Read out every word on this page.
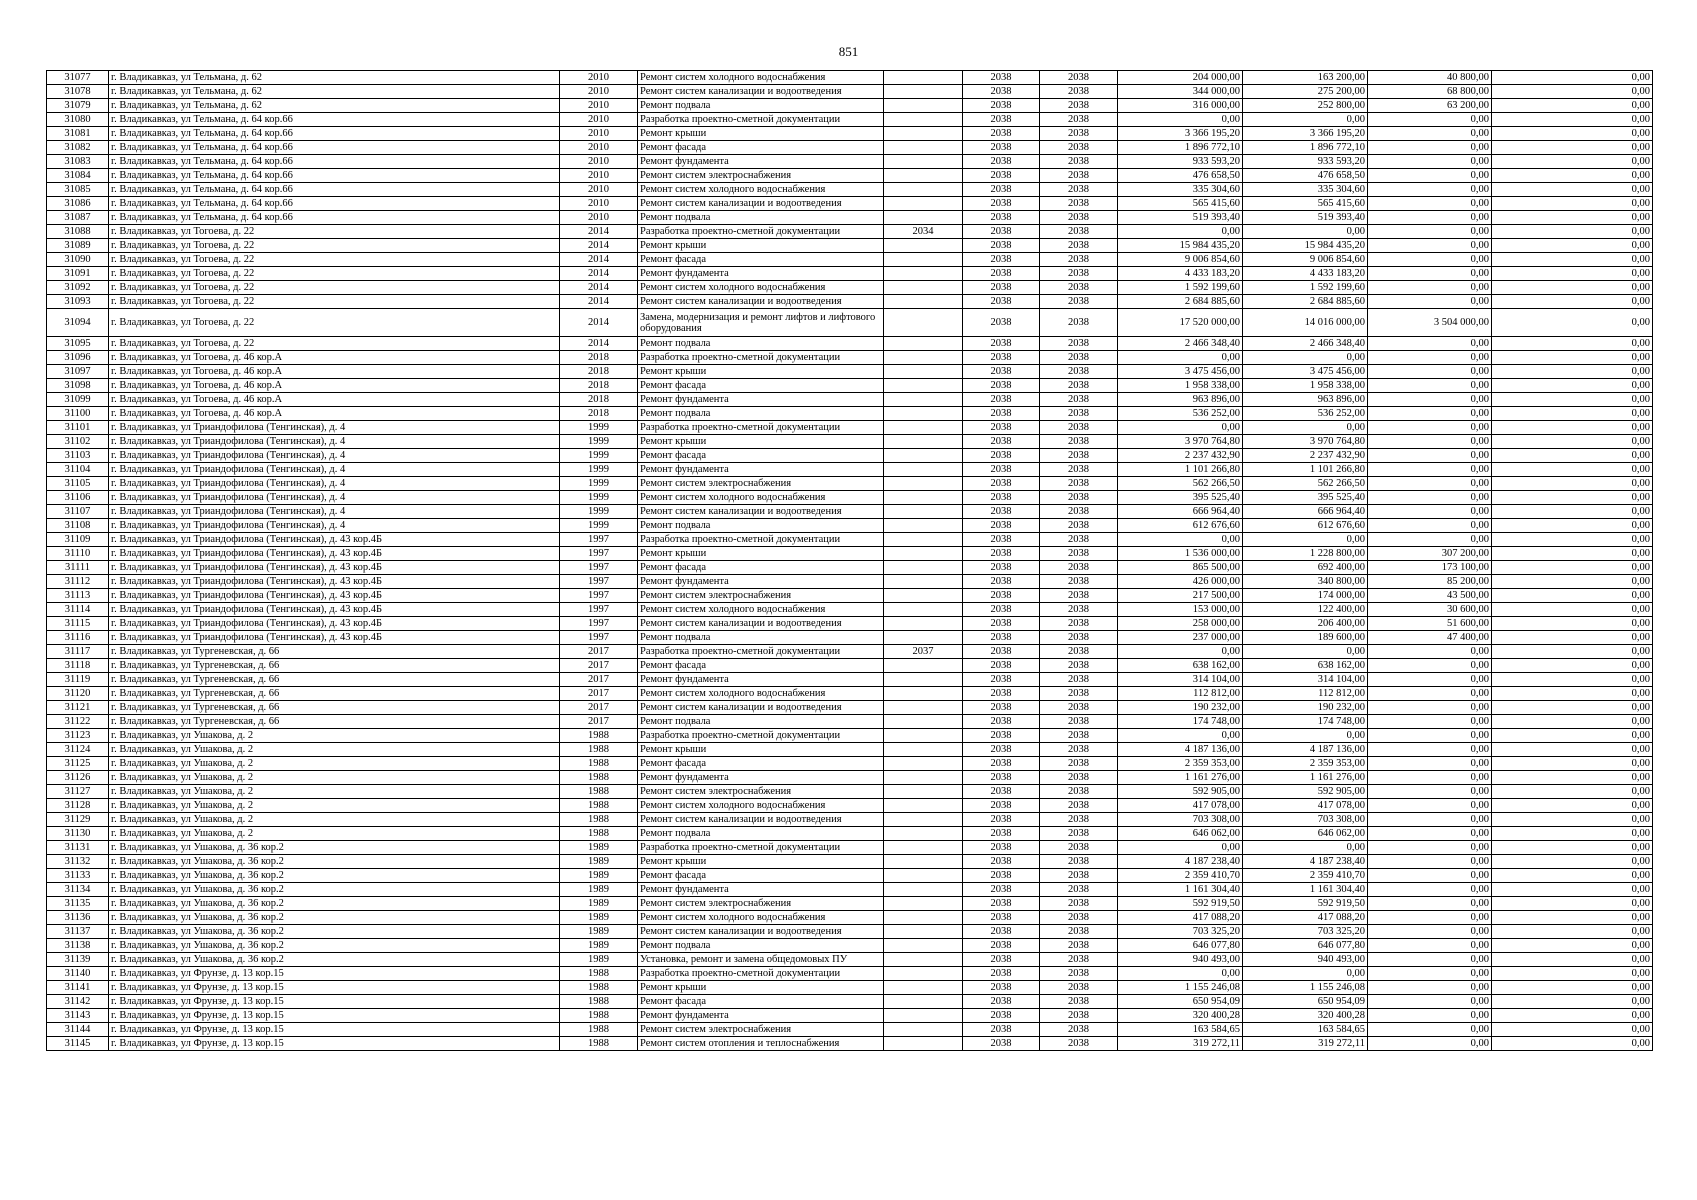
851
31077	г. Владикавказ, ул Тельмана, д. 62	2010	Ремонт систем холодного водоснабжения		2038	2038	204 000,00	163 200,00	40 800,00	0,00
31078	г. Владикавказ, ул Тельмана, д. 62	2010	Ремонт систем канализации и водоотведения		2038	2038	344 000,00	275 200,00	68 800,00	0,00
31079	г. Владикавказ, ул Тельмана, д. 62	2010	Ремонт подвала		2038	2038	316 000,00	252 800,00	63 200,00	0,00
31080	г. Владикавказ, ул Тельмана, д. 64 кор.66	2010	Разработка проектно-сметной документации		2038	2038	0,00	0,00	0,00	0,00
31081	г. Владикавказ, ул Тельмана, д. 64 кор.66	2010	Ремонт крыши		2038	2038	3 366 195,20	3 366 195,20	0,00	0,00
31082	г. Владикавказ, ул Тельмана, д. 64 кор.66	2010	Ремонт фасада		2038	2038	1 896 772,10	1 896 772,10	0,00	0,00
31083	г. Владикавказ, ул Тельмана, д. 64 кор.66	2010	Ремонт фундамента		2038	2038	933 593,20	933 593,20	0,00	0,00
31084	г. Владикавказ, ул Тельмана, д. 64 кор.66	2010	Ремонт систем электроснабжения		2038	2038	476 658,50	476 658,50	0,00	0,00
31085	г. Владикавказ, ул Тельмана, д. 64 кор.66	2010	Ремонт систем холодного водоснабжения		2038	2038	335 304,60	335 304,60	0,00	0,00
31086	г. Владикавказ, ул Тельмана, д. 64 кор.66	2010	Ремонт систем канализации и водоотведения		2038	2038	565 415,60	565 415,60	0,00	0,00
31087	г. Владикавказ, ул Тельмана, д. 64 кор.66	2010	Ремонт подвала		2038	2038	519 393,40	519 393,40	0,00	0,00
31088	г. Владикавказ, ул Тогоева, д. 22	2014	Разработка проектно-сметной документации	2034	2038	2038	0,00	0,00	0,00	0,00
31089	г. Владикавказ, ул Тогоева, д. 22	2014	Ремонт крыши		2038	2038	15 984 435,20	15 984 435,20	0,00	0,00
31090	г. Владикавказ, ул Тогоева, д. 22	2014	Ремонт фасада		2038	2038	9 006 854,60	9 006 854,60	0,00	0,00
31091	г. Владикавказ, ул Тогоева, д. 22	2014	Ремонт фундамента		2038	2038	4 433 183,20	4 433 183,20	0,00	0,00
31092	г. Владикавказ, ул Тогоева, д. 22	2014	Ремонт систем холодного водоснабжения		2038	2038	1 592 199,60	1 592 199,60	0,00	0,00
31093	г. Владикавказ, ул Тогоева, д. 22	2014	Ремонт систем канализации и водоотведения		2038	2038	2 684 885,60	2 684 885,60	0,00	0,00
31094	г. Владикавказ, ул Тогоева, д. 22	2014	Замена, модернизация и ремонт лифтов и лифтового оборудования		2038	2038	17 520 000,00	14 016 000,00	3 504 000,00	0,00
31095	г. Владикавказ, ул Тогоева, д. 22	2014	Ремонт подвала		2038	2038	2 466 348,40	2 466 348,40	0,00	0,00
31096	г. Владикавказ, ул Тогоева, д. 46 кор.А	2018	Разработка проектно-сметной документации		2038	2038	0,00	0,00	0,00	0,00
31097	г. Владикавказ, ул Тогоева, д. 46 кор.А	2018	Ремонт крыши		2038	2038	3 475 456,00	3 475 456,00	0,00	0,00
31098	г. Владикавказ, ул Тогоева, д. 46 кор.А	2018	Ремонт фасада		2038	2038	1 958 338,00	1 958 338,00	0,00	0,00
31099	г. Владикавказ, ул Тогоева, д. 46 кор.А	2018	Ремонт фундамента		2038	2038	963 896,00	963 896,00	0,00	0,00
31100	г. Владикавказ, ул Тогоева, д. 46 кор.А	2018	Ремонт подвала		2038	2038	536 252,00	536 252,00	0,00	0,00
31101	г. Владикавказ, ул Триандофилова (Тенгинская), д. 4	1999	Разработка проектно-сметной документации		2038	2038	0,00	0,00	0,00	0,00
31102	г. Владикавказ, ул Триандофилова (Тенгинская), д. 4	1999	Ремонт крыши		2038	2038	3 970 764,80	3 970 764,80	0,00	0,00
31103	г. Владикавказ, ул Триандофилова (Тенгинская), д. 4	1999	Ремонт фасада		2038	2038	2 237 432,90	2 237 432,90	0,00	0,00
31104	г. Владикавказ, ул Триандофилова (Тенгинская), д. 4	1999	Ремонт фундамента		2038	2038	1 101 266,80	1 101 266,80	0,00	0,00
31105	г. Владикавказ, ул Триандофилова (Тенгинская), д. 4	1999	Ремонт систем электроснабжения		2038	2038	562 266,50	562 266,50	0,00	0,00
31106	г. Владикавказ, ул Триандофилова (Тенгинская), д. 4	1999	Ремонт систем холодного водоснабжения		2038	2038	395 525,40	395 525,40	0,00	0,00
31107	г. Владикавказ, ул Триандофилова (Тенгинская), д. 4	1999	Ремонт систем канализации и водоотведения		2038	2038	666 964,40	666 964,40	0,00	0,00
31108	г. Владикавказ, ул Триандофилова (Тенгинская), д. 4	1999	Ремонт подвала		2038	2038	612 676,60	612 676,60	0,00	0,00
31109	г. Владикавказ, ул Триандофилова (Тенгинская), д. 43 кор.4Б	1997	Разработка проектно-сметной документации		2038	2038	0,00	0,00	0,00	0,00
31110	г. Владикавказ, ул Триандофилова (Тенгинская), д. 43 кор.4Б	1997	Ремонт крыши		2038	2038	1 536 000,00	1 228 800,00	307 200,00	0,00
31111	г. Владикавказ, ул Триандофилова (Тенгинская), д. 43 кор.4Б	1997	Ремонт фасада		2038	2038	865 500,00	692 400,00	173 100,00	0,00
31112	г. Владикавказ, ул Триандофилова (Тенгинская), д. 43 кор.4Б	1997	Ремонт фундамента		2038	2038	426 000,00	340 800,00	85 200,00	0,00
31113	г. Владикавказ, ул Триандофилова (Тенгинская), д. 43 кор.4Б	1997	Ремонт систем электроснабжения		2038	2038	217 500,00	174 000,00	43 500,00	0,00
31114	г. Владикавказ, ул Триандофилова (Тенгинская), д. 43 кор.4Б	1997	Ремонт систем холодного водоснабжения		2038	2038	153 000,00	122 400,00	30 600,00	0,00
31115	г. Владикавказ, ул Триандофилова (Тенгинская), д. 43 кор.4Б	1997	Ремонт систем канализации и водоотведения		2038	2038	258 000,00	206 400,00	51 600,00	0,00
31116	г. Владикавказ, ул Триандофилова (Тенгинская), д. 43 кор.4Б	1997	Ремонт подвала		2038	2038	237 000,00	189 600,00	47 400,00	0,00
31117	г. Владикавказ, ул Тургеневская, д. 66	2017	Разработка проектно-сметной документации	2037	2038	2038	0,00	0,00	0,00	0,00
31118	г. Владикавказ, ул Тургеневская, д. 66	2017	Ремонт фасада		2038	2038	638 162,00	638 162,00	0,00	0,00
31119	г. Владикавказ, ул Тургеневская, д. 66	2017	Ремонт фундамента		2038	2038	314 104,00	314 104,00	0,00	0,00
31120	г. Владикавказ, ул Тургеневская, д. 66	2017	Ремонт систем холодного водоснабжения		2038	2038	112 812,00	112 812,00	0,00	0,00
31121	г. Владикавказ, ул Тургеневская, д. 66	2017	Ремонт систем канализации и водоотведения		2038	2038	190 232,00	190 232,00	0,00	0,00
31122	г. Владикавказ, ул Тургеневская, д. 66	2017	Ремонт подвала		2038	2038	174 748,00	174 748,00	0,00	0,00
31123	г. Владикавказ, ул Ушакова, д. 2	1988	Разработка проектно-сметной документации		2038	2038	0,00	0,00	0,00	0,00
31124	г. Владикавказ, ул Ушакова, д. 2	1988	Ремонт крыши		2038	2038	4 187 136,00	4 187 136,00	0,00	0,00
31125	г. Владикавказ, ул Ушакова, д. 2	1988	Ремонт фасада		2038	2038	2 359 353,00	2 359 353,00	0,00	0,00
31126	г. Владикавказ, ул Ушакова, д. 2	1988	Ремонт фундамента		2038	2038	1 161 276,00	1 161 276,00	0,00	0,00
31127	г. Владикавказ, ул Ушакова, д. 2	1988	Ремонт систем электроснабжения		2038	2038	592 905,00	592 905,00	0,00	0,00
31128	г. Владикавказ, ул Ушакова, д. 2	1988	Ремонт систем холодного водоснабжения		2038	2038	417 078,00	417 078,00	0,00	0,00
31129	г. Владикавказ, ул Ушакова, д. 2	1988	Ремонт систем канализации и водоотведения		2038	2038	703 308,00	703 308,00	0,00	0,00
31130	г. Владикавказ, ул Ушакова, д. 2	1988	Ремонт подвала		2038	2038	646 062,00	646 062,00	0,00	0,00
31131	г. Владикавказ, ул Ушакова, д. 36 кор.2	1989	Разработка проектно-сметной документации		2038	2038	0,00	0,00	0,00	0,00
31132	г. Владикавказ, ул Ушакова, д. 36 кор.2	1989	Ремонт крыши		2038	2038	4 187 238,40	4 187 238,40	0,00	0,00
31133	г. Владикавказ, ул Ушакова, д. 36 кор.2	1989	Ремонт фасада		2038	2038	2 359 410,70	2 359 410,70	0,00	0,00
31134	г. Владикавказ, ул Ушакова, д. 36 кор.2	1989	Ремонт фундамента		2038	2038	1 161 304,40	1 161 304,40	0,00	0,00
31135	г. Владикавказ, ул Ушакова, д. 36 кор.2	1989	Ремонт систем электроснабжения		2038	2038	592 919,50	592 919,50	0,00	0,00
31136	г. Владикавказ, ул Ушакова, д. 36 кор.2	1989	Ремонт систем холодного водоснабжения		2038	2038	417 088,20	417 088,20	0,00	0,00
31137	г. Владикавказ, ул Ушакова, д. 36 кор.2	1989	Ремонт систем канализации и водоотведения		2038	2038	703 325,20	703 325,20	0,00	0,00
31138	г. Владикавказ, ул Ушакова, д. 36 кор.2	1989	Ремонт подвала		2038	2038	646 077,80	646 077,80	0,00	0,00
31139	г. Владикавказ, ул Ушакова, д. 36 кор.2	1989	Установка, ремонт и замена общедомовых ПУ		2038	2038	940 493,00	940 493,00	0,00	0,00
31140	г. Владикавказ, ул Фрунзе, д. 13 кор.15	1988	Разработка проектно-сметной документации		2038	2038	0,00	0,00	0,00	0,00
31141	г. Владикавказ, ул Фрунзе, д. 13 кор.15	1988	Ремонт крыши		2038	2038	1 155 246,08	1 155 246,08	0,00	0,00
31142	г. Владикавказ, ул Фрунзе, д. 13 кор.15	1988	Ремонт фасада		2038	2038	650 954,09	650 954,09	0,00	0,00
31143	г. Владикавказ, ул Фрунзе, д. 13 кор.15	1988	Ремонт фундамента		2038	2038	320 400,28	320 400,28	0,00	0,00
31144	г. Владикавказ, ул Фрунзе, д. 13 кор.15	1988	Ремонт систем электроснабжения		2038	2038	163 584,65	163 584,65	0,00	0,00
31145	г. Владикавказ, ул Фрунзе, д. 13 кор.15	1988	Ремонт систем отопления и теплоснабжения		2038	2038	319 272,11	319 272,11	0,00	0,00
